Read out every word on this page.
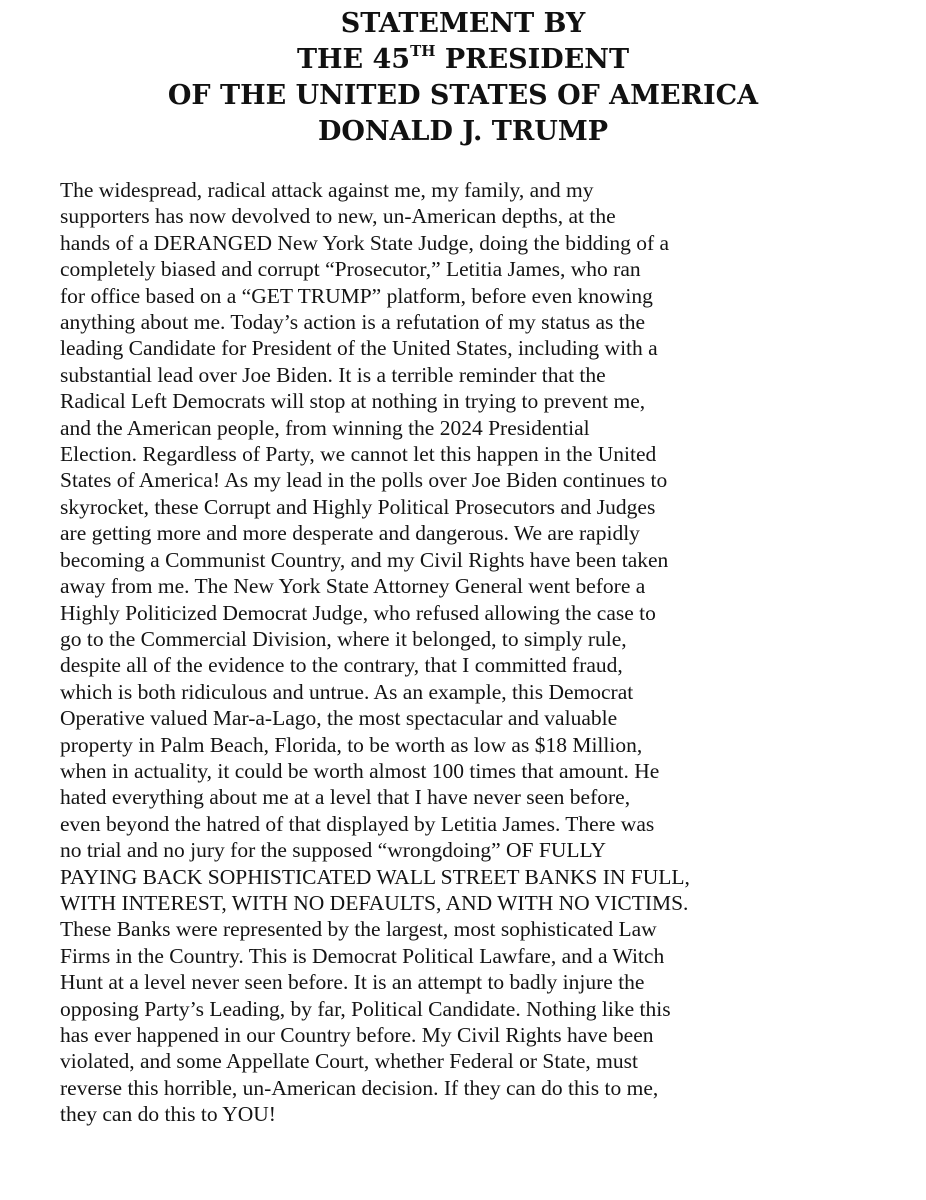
STATEMENT BY
THE 45TH PRESIDENT
OF THE UNITED STATES OF AMERICA
DONALD J. TRUMP
The widespread, radical attack against me, my family, and my
supporters has now devolved to new, un-American depths, at the
hands of a DERANGED New York State Judge, doing the bidding of a
completely biased and corrupt “Prosecutor,” Letitia James, who ran
for office based on a “GET TRUMP” platform, before even knowing
anything about me. Today’s action is a refutation of my status as the
leading Candidate for President of the United States, including with a
substantial lead over Joe Biden. It is a terrible reminder that the
Radical Left Democrats will stop at nothing in trying to prevent me,
and the American people, from winning the 2024 Presidential
Election. Regardless of Party, we cannot let this happen in the United
States of America! As my lead in the polls over Joe Biden continues to
skyrocket, these Corrupt and Highly Political Prosecutors and Judges
are getting more and more desperate and dangerous. We are rapidly
becoming a Communist Country, and my Civil Rights have been taken
away from me. The New York State Attorney General went before a
Highly Politicized Democrat Judge, who refused allowing the case to
go to the Commercial Division, where it belonged, to simply rule,
despite all of the evidence to the contrary, that I committed fraud,
which is both ridiculous and untrue. As an example, this Democrat
Operative valued Mar-a-Lago, the most spectacular and valuable
property in Palm Beach, Florida, to be worth as low as $18 Million,
when in actuality, it could be worth almost 100 times that amount. He
hated everything about me at a level that I have never seen before,
even beyond the hatred of that displayed by Letitia James. There was
no trial and no jury for the supposed “wrongdoing” OF FULLY
PAYING BACK SOPHISTICATED WALL STREET BANKS IN FULL,
WITH INTEREST, WITH NO DEFAULTS, AND WITH NO VICTIMS.
These Banks were represented by the largest, most sophisticated Law
Firms in the Country. This is Democrat Political Lawfare, and a Witch
Hunt at a level never seen before. It is an attempt to badly injure the
opposing Party’s Leading, by far, Political Candidate. Nothing like this
has ever happened in our Country before. My Civil Rights have been
violated, and some Appellate Court, whether Federal or State, must
reverse this horrible, un-American decision. If they can do this to me,
they can do this to YOU!
